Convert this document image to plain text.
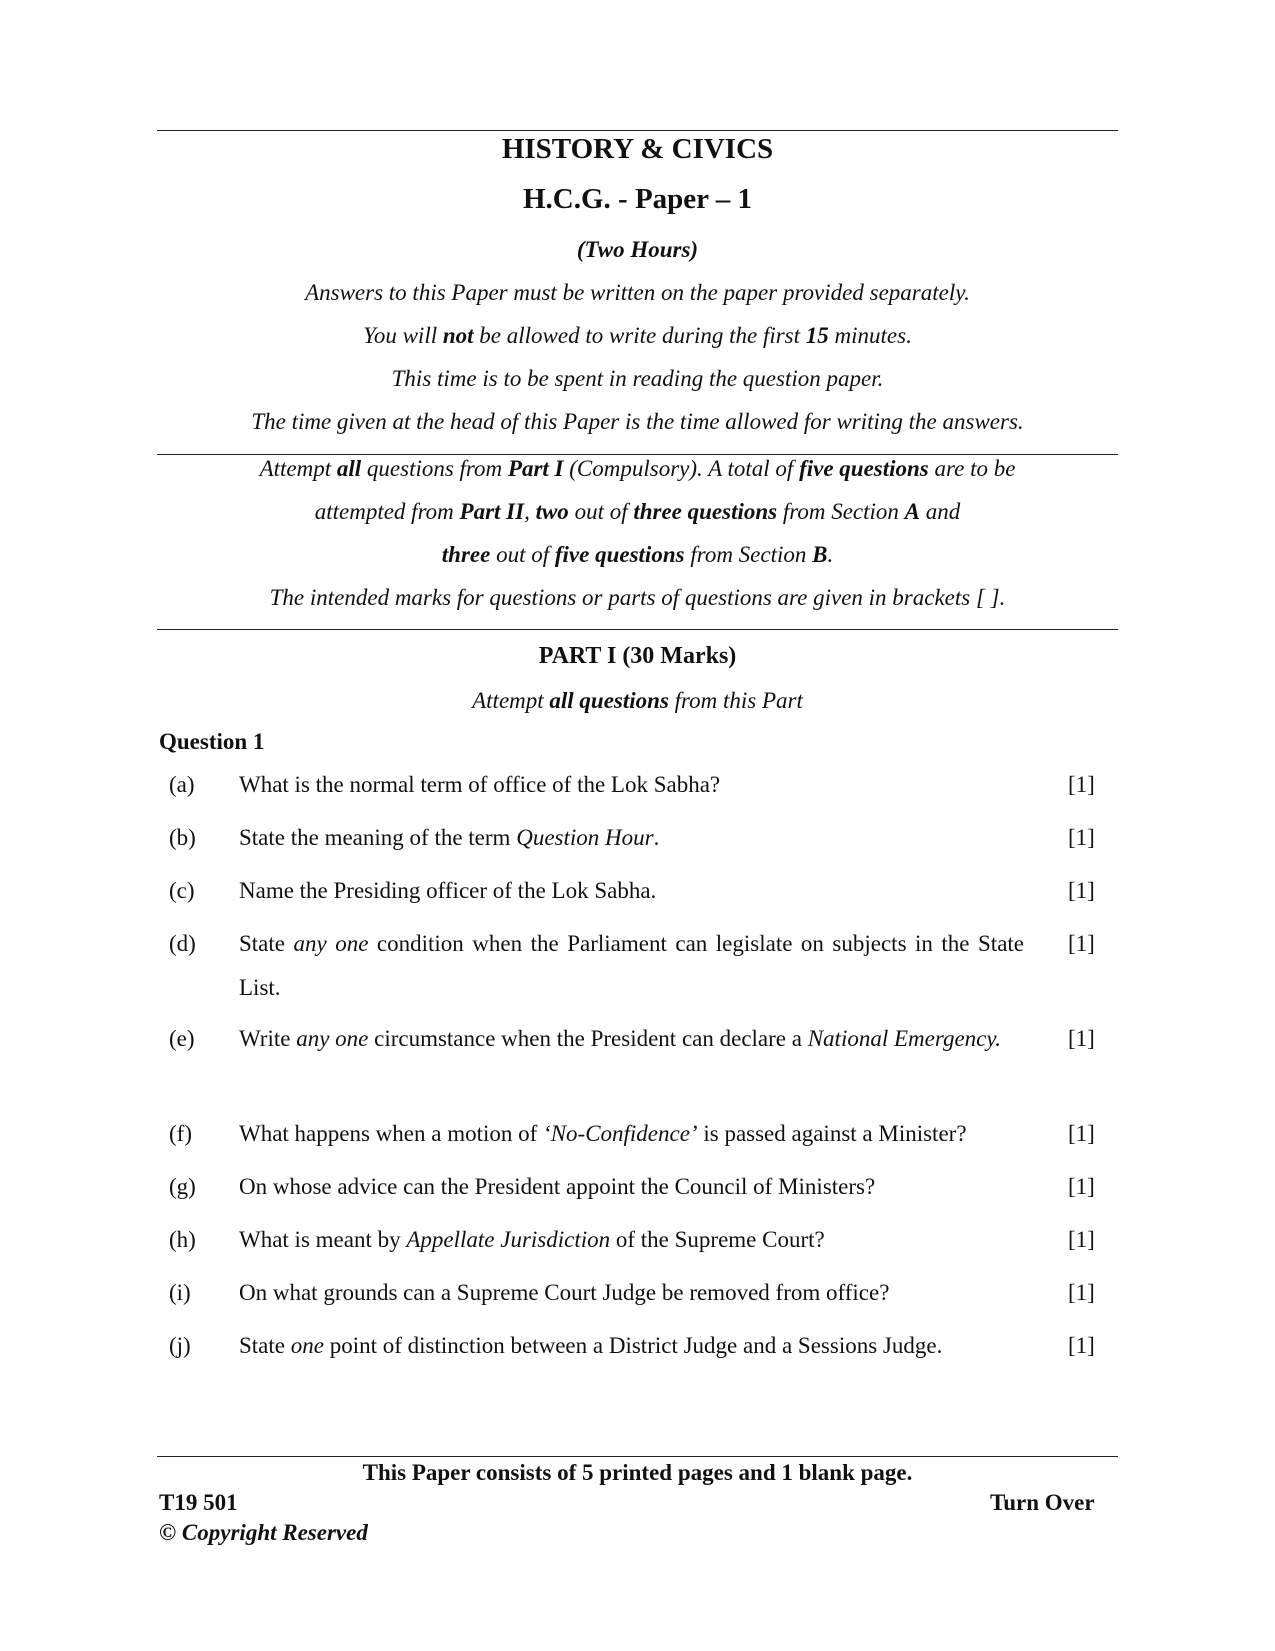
HISTORY & CIVICS
H.C.G. - Paper – 1
(Two Hours)
Answers to this Paper must be written on the paper provided separately.
You will not be allowed to write during the first 15 minutes.
This time is to be spent in reading the question paper.
The time given at the head of this Paper is the time allowed for writing the answers.
Attempt all questions from Part I (Compulsory). A total of five questions are to be
attempted from Part II, two out of three questions from Section A and
three out of five questions from Section B.
The intended marks for questions or parts of questions are given in brackets [ ].
PART I (30 Marks)
Attempt all questions from this Part
Question 1
(a) What is the normal term of office of the Lok Sabha?	[1]
(b) State the meaning of the term Question Hour.	[1]
(c) Name the Presiding officer of the Lok Sabha.	[1]
(d) State any one condition when the Parliament can legislate on subjects in the State List.
[1]
(e) Write any one circumstance when the President can declare a National Emergency.	[1]
(f) What happens when a motion of ‘No-Confidence’ is passed against a Minister?	[1]
(g) On whose advice can the President appoint the Council of Ministers?	[1]
(h) What is meant by Appellate Jurisdiction of the Supreme Court?	[1]
(i) On what grounds can a Supreme Court Judge be removed from office?	[1]
(j) State one point of distinction between a District Judge and a Sessions Judge.	[1]
This Paper consists of 5 printed pages and 1 blank page.
T19 501	Turn Over
© Copyright Reserved
